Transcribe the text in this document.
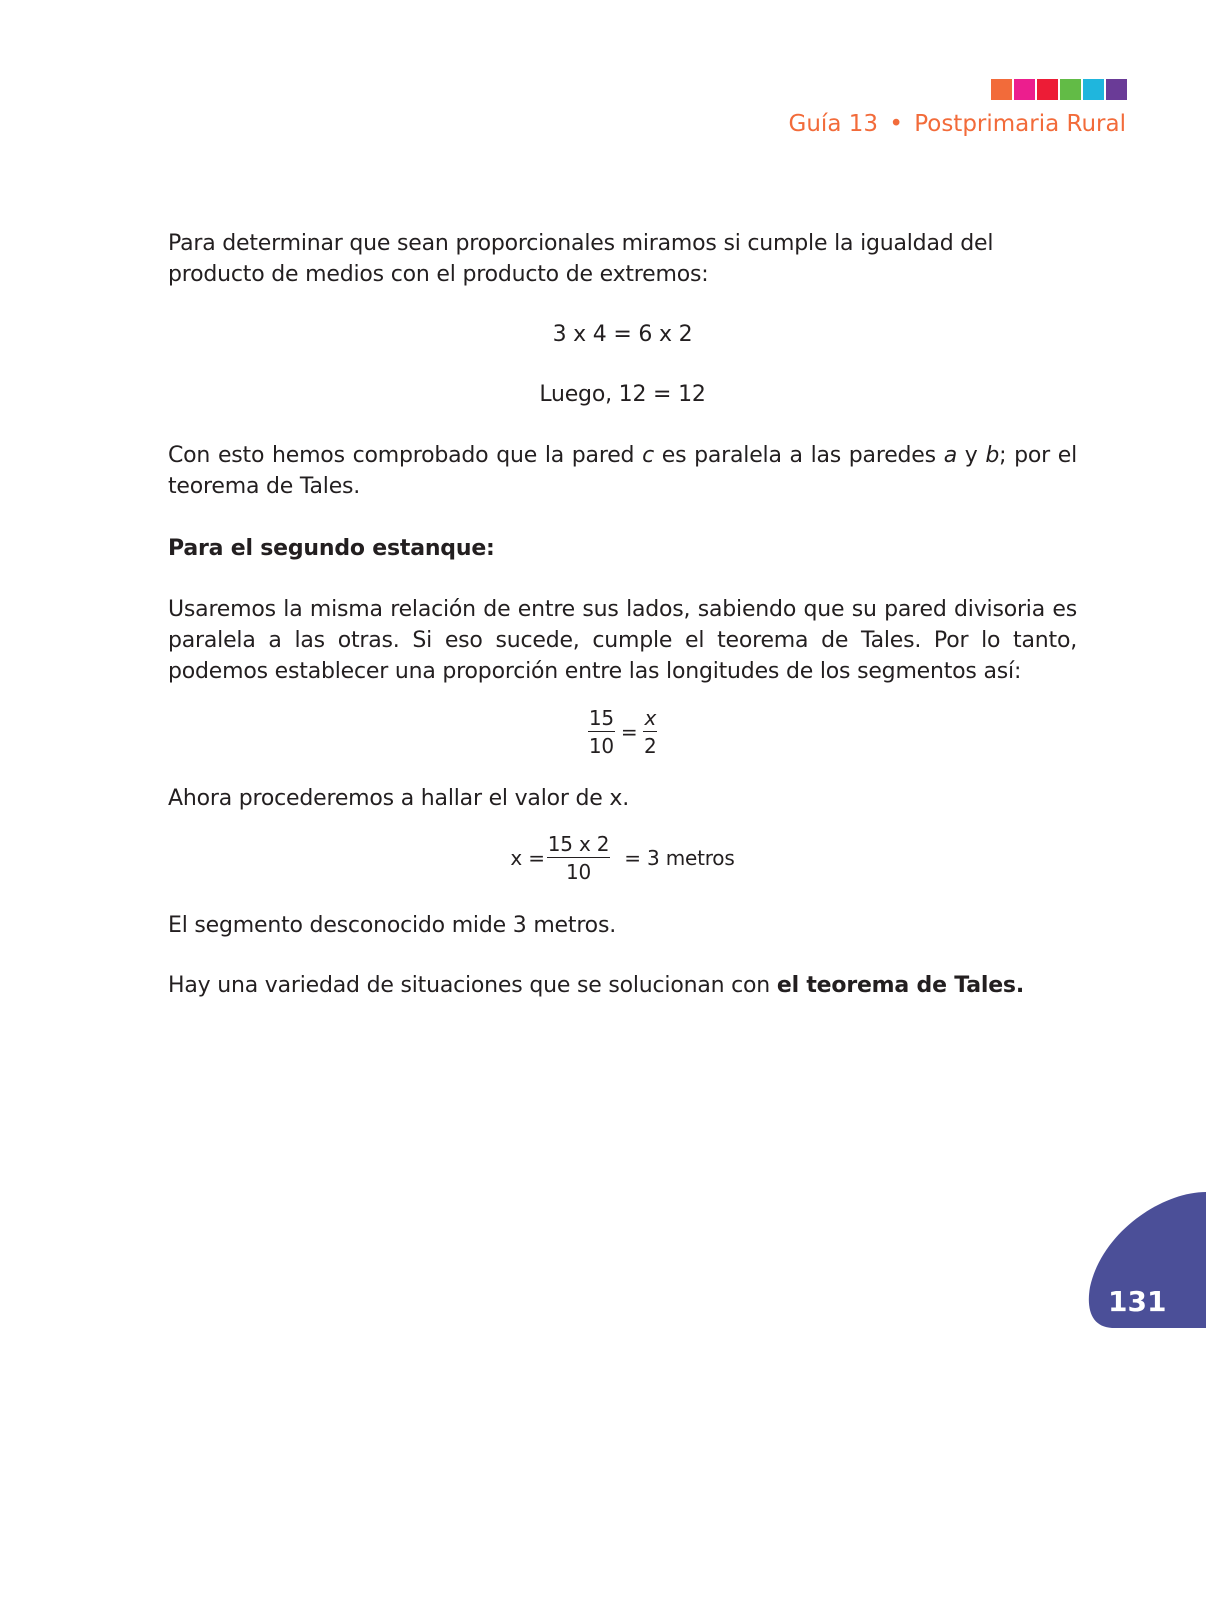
Guía 13 • Postprimaria Rural

Para determinar que sean proporcionales miramos si cumple la igualdad del producto de medios con el producto de extremos:

3 x 4 = 6 x 2
Luego, 12 = 12

Con esto hemos comprobado que la pared c es paralela a las paredes a y b; por el teorema de Tales.

Para el segundo estanque:

Usaremos la misma relación de entre sus lados, sabiendo que su pared divisoria es paralela a las otras. Si eso sucede, cumple el teorema de Tales. Por lo tanto, podemos establecer una proporción entre las longitudes de los segmentos así:

$\frac{15}{10} = \frac{x}{2}$

Ahora procederemos a hallar el valor de x.

$x = \frac{15 x 2}{10} = 3$ metros

El segmento desconocido mide 3 metros.

Hay una variedad de situaciones que se solucionan con el teorema de Tales.

131
